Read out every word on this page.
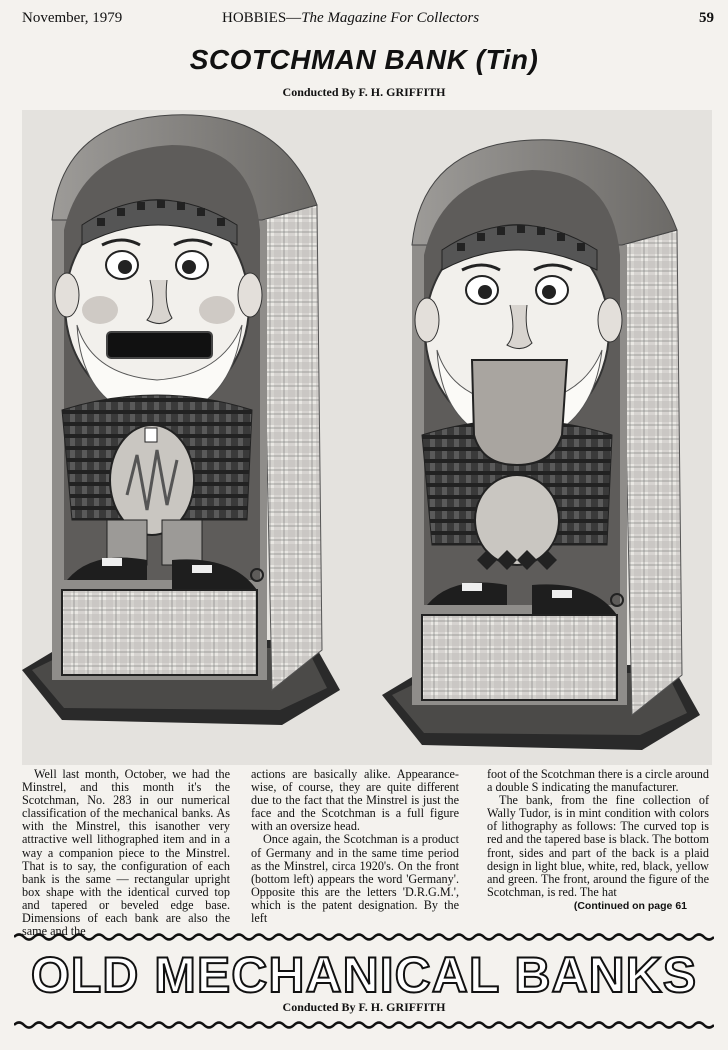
November, 1979	HOBBIES—The Magazine For Collectors	59
SCOTCHMAN BANK (Tin)
Conducted By F. H. GRIFFITH

Well last month, October, we had the Minstrel, and this month it's the Scotchman, No. 283 in our numerical classification of the mechanical banks. As with the Minstrel, this isanother very attractive well lithographed item and in a way a companion piece to the Minstrel. That is to say, the configuration of each bank is the same — rectangular upright box shape with the identical curved top and tapered or beveled edge base. Dimensions of each bank are also the same and the

actions are basically alike. Appearance-wise, of course, they are quite different due to the fact that the Minstrel is just the face and the Scotchman is a full figure with an oversize head.

Once again, the Scotchman is a product of Germany and in the same time period as the Minstrel, circa 1920's. On the front (bottom left) appears the word 'Germany'. Opposite this are the letters 'D.R.G.M.', which is the patent designation. By the left

foot of the Scotchman there is a circle around a double S indicating the manufacturer.

The bank, from the fine collection of Wally Tudor, is in mint condition with colors of lithography as follows: The curved top is red and the tapered base is black. The bottom front, sides and part of the back is a plaid design in light blue, white, red, black, yellow and green. The front, around the figure of the Scotchman, is red. The hat

(Continued on page 61
OLD MECHANICAL BANKS
Conducted By F. H. GRIFFITH
